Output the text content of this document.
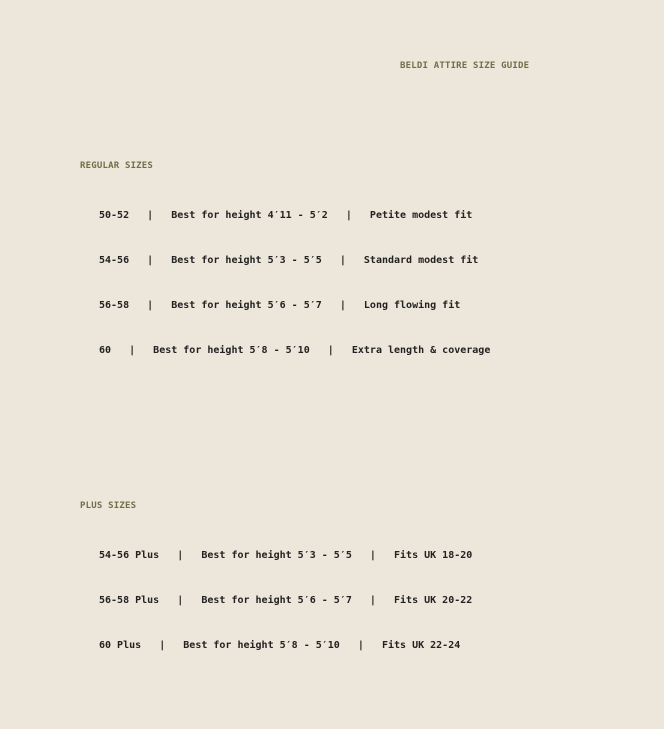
BELDI ATTIRE SIZE GUIDE
REGULAR SIZES
50-52   |   Best for height 4′11 - 5′2   |   Petite modest fit
54-56   |   Best for height 5′3 - 5′5   |   Standard modest fit
56-58   |   Best for height 5′6 - 5′7   |   Long flowing fit
60   |   Best for height 5′8 - 5′10   |   Extra length & coverage
PLUS SIZES
54-56 Plus   |   Best for height 5′3 - 5′5   |   Fits UK 18-20
56-58 Plus   |   Best for height 5′6 - 5′7   |   Fits UK 20-22
60 Plus   |   Best for height 5′8 - 5′10   |   Fits UK 22-24
